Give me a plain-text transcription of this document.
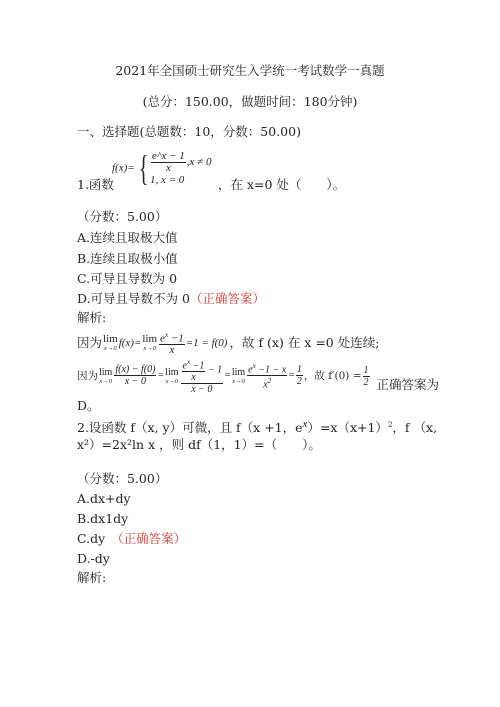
2021年全国硕士研究生入学统一考试数学一真题
(总分：150.00，做题时间：180分钟)
一、选择题(总题数：10，分数：50.00)
f(x)= { $\frac{e\^{}x - 1}{x} ,x \ne 0$
1, x = 0
1.函数	，在 x=0 处（　　）。
（分数：5.00）
A.连续且取极大值
B.连续且取极小值
C.可导且导数为 0
D.可导且导数不为 0（正确答案）
解析:
因为 lim
x→0 f(x)= lim
$x\to 0 \frac{e^x -1}{x} =1 = f(0)$ ，故 f (x) 在 x =0 处连续;
因为 lim
$x\to 0 \frac{f(x) - f(0)}{x - 0} = \lim$
$x\to 0 \frac{\frac{e^x -1}{x} - 1}{x - 0} = \lim$
$x\to 0 \frac{e^x -1 - x}{x^2} = \frac{1}{2}$ ，故 $f'(0) = \frac{1}{2}$ 正确答案为
D。
2.设函数 f（x, y）可微，且 f（x +1，$e^x)=x(x+1)^2$，f （x,
x²）=2x²ln x ，则 df（1，1）=（　　）。
（分数：5.00）
A.dx+dy
B.dx1dy
C.dy （正确答案）
D.-dy
解析:
